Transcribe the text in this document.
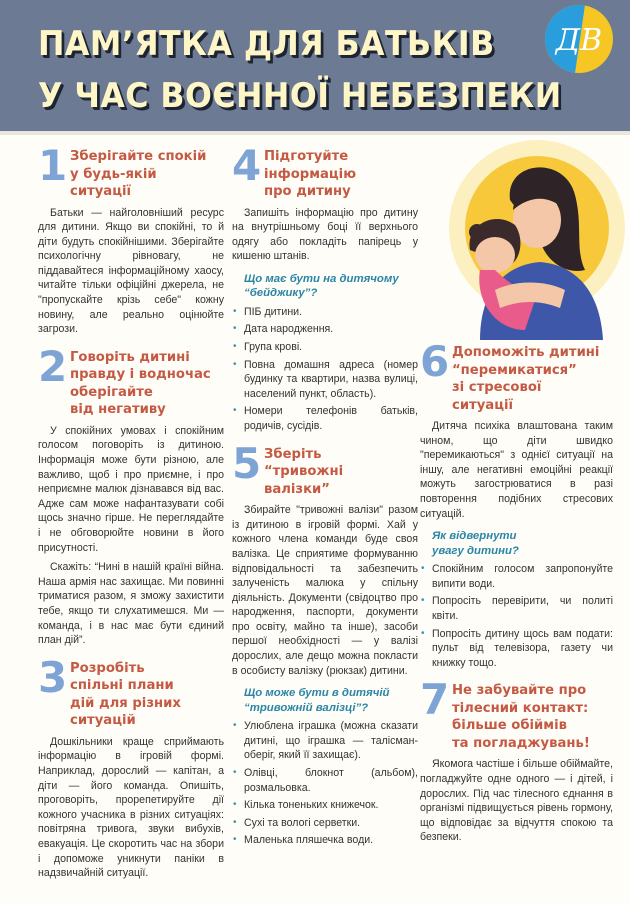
ПАМ’ЯТКА ДЛЯ БАТЬКІВ
У ЧАС ВОЄННОЇ НЕБЕЗПЕКИ
ДВ
1 Зберігайте спокій
у будь-якій
ситуації

Батьки — найголовніший ресурс для дитини. Якщо ви спокійні, то й діти будуть спокійнішими. Зберігайте психологічну рівновагу, не піддавайтеся інформаційному хаосу, читайте тільки офіційні джерела, не "пропускайте крізь себе" кожну новину, але реально оцінюйте загрози.

2 Говоріть дитині
правду і водночас
оберігайте
від негативу

У спокійних умовах і спокійним голосом поговоріть із дитиною. Інформація може бути різною, але важливо, щоб і про приємне, і про неприємне малюк дізнавався від вас. Адже сам може нафантазувати собі щось значно гірше. Не переглядайте і не обговорюйте новини в його присутності.

Скажіть: “Нині в нашій країні війна. Наша армія нас захищає. Ми повинні триматися разом, я зможу захистити тебе, якщо ти слухатимешся. Ми — команда, і в нас має бути єдиний план дій”.

3 Розробіть
спільні плани
дій для різних
ситуацій

Дошкільники краще сприймають інформацію в ігровій формі. Наприклад, дорослий — капітан, а діти — його команда. Опишіть, проговоріть, прорепетируйте дії кожного учасника в різних ситуаціях: повітряна тривога, звуки вибухів, евакуація. Це скоротить час на збори і допоможе уникнути паніки в надзвичайній ситуації.

4 Підготуйте
інформацію
про дитину

Запишіть інформацію про дитину на внутрішньому боці її верхнього одягу або покладіть папірець у кишеню штанів.

Що має бути на дитячому
“бейджику”?
• ПІБ дитини.
• Дата народження.
• Група крові.
• Повна домашня адреса (номер будинку та квартири, назва вулиці, населений пункт, область).
• Номери телефонів батьків, родичів, сусідів.
5 Зберіть
“тривожні
валізки”

Збирайте "тривожні валізи" разом із дитиною в ігровій формі. Хай у кожного члена команди буде своя валізка. Це сприятиме формуванню відповідальності та забезпечить залученість малюка у спільну діяльність. Документи (свідоцтво про народження, паспорти, документи про освіту, майно та інше), засоби першої необхідності — у валізі дорослих, але дещо можна покласти в особисту валізку (рюкзак) дитини.

Що може бути в дитячій
“тривожній валізці”?
• Улюблена іграшка (можна сказати дитині, що іграшка — талісман-оберіг, який її захищає).
• Олівці, блокнот (альбом), розмальовка.
• Кілька тоненьких книжечок.
• Сухі та вологі серветки.
• Маленька пляшечка води.
6 Допоможіть дитині
“перемикатися”
зі стресової
ситуації

Дитяча психіка влаштована таким чином, що діти швидко "перемикаються" з однієї ситуації на іншу, але негативні емоційні реакції можуть загострюватися в разі повторення подібних стресових ситуацій.

Як відвернути
увагу дитини?
• Спокійним голосом запропонуйте випити води.
• Попросіть перевірити, чи политі квіти.
• Попросіть дитину щось вам подати: пульт від телевізора, газету чи книжку тощо.
7 Не забувайте про
тілесний контакт:
більше обіймів
та погладжувань!

Якомога частіше і більше обіймайте, погладжуйте одне одного — і дітей, і дорослих. Під час тілесного єднання в організмі підвищується рівень гормону, що відповідає за відчуття спокою та безпеки.
